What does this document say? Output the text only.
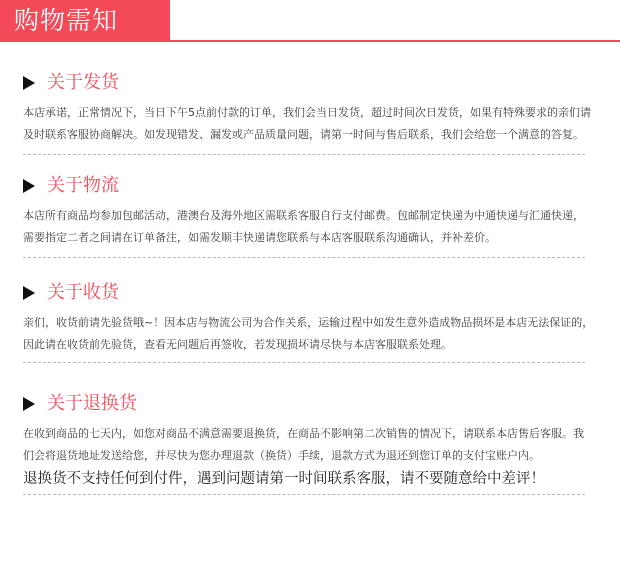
购物需知
关于发货

本店承诺，正常情况下，当日下午5点前付款的订单，我们会当日发货，超过时间次日发货，如果有特殊要求的亲们请

及时联系客服协商解决。如发现错发、漏发或产品质量问题，请第一时间与售后联系，我们会给您一个满意的答复。

关于物流

本店所有商品均参加包邮活动，港澳台及海外地区需联系客服自行支付邮费。包邮制定快递为中通快递与汇通快递，

需要指定二者之间请在订单备注，如需发顺丰快递请您联系与本店客服联系沟通确认，并补差价。

关于收货

亲们，收货前请先验货哦~！因本店与物流公司为合作关系，运输过程中如发生意外造成物品损坏是本店无法保证的，

因此请在收货前先验货，查看无问题后再签收，若发现损坏请尽快与本店客服联系处理。

关于退换货

在收到商品的七天内，如您对商品不满意需要退换货，在商品不影响第二次销售的情况下，请联系本店售后客服。我

们会将退货地址发送给您，并尽快为您办理退款（换货）手续，退款方式为退还到您订单的支付宝账户内。

退换货不支持任何到付件，遇到问题请第一时间联系客服，请不要随意给中差评！
